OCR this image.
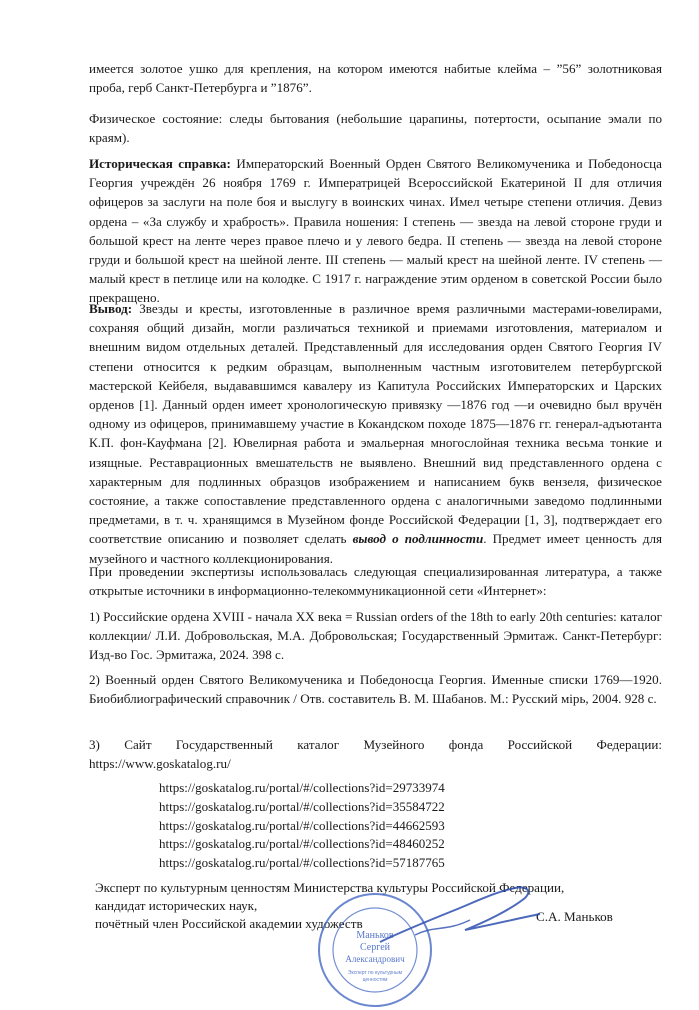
имеется золотое ушко для крепления, на котором имеются набитые клейма – ”56” золотниковая проба, герб Санкт-Петербурга и ”1876”.

Физическое состояние: следы бытования (небольшие царапины, потертости, осыпание эмали по краям).

Историческая справка: Императорский Военный Орден Святого Великомученика и Победоносца Георгия учреждён 26 ноября 1769 г. Императрицей Всероссийской Екатериной II для отличия офицеров за заслуги на поле боя и выслугу в воинских чинах. Имел четыре степени отличия. Девиз ордена – «За службу и храбрость». Правила ношения: I степень — звезда на левой стороне груди и большой крест на ленте через правое плечо и у левого бедра. II степень — звезда на левой стороне груди и большой крест на шейной ленте. III степень — малый крест на шейной ленте. IV степень — малый крест в петлице или на колодке. С 1917 г. награждение этим орденом в советской России было прекращено.

Вывод: Звезды и кресты, изготовленные в различное время различными мастерами-ювелирами, сохраняя общий дизайн, могли различаться техникой и приемами изготовления, материалом и внешним видом отдельных деталей. Представленный для исследования орден Святого Георгия IV степени относится к редким образцам, выполненным частным изготовителем петербургской мастерской Кейбеля, выдававшимся кавалеру из Капитула Российских Императорских и Царских орденов [1]. Данный орден имеет хронологическую привязку —1876 год —и очевидно был вручён одному из офицеров, принимавшему участие в Кокандском походе 1875—1876 гг. генерал-адъютанта К.П. фон-Кауфмана [2]. Ювелирная работа и эмальерная многослойная техника весьма тонкие и изящные. Реставрационных вмешательств не выявлено. Внешний вид представленного ордена с характерным для подлинных образцов изображением и написанием букв вензеля, физическое состояние, а также сопоставление представленного ордена с аналогичными заведомо подлинными предметами, в т. ч. хранящимся в Музейном фонде Российской Федерации [1, 3], подтверждает его соответствие описанию и позволяет сделать вывод о подлинности. Предмет имеет ценность для музейного и частного коллекционирования.

При проведении экспертизы использовалась следующая специализированная литература, а также открытые источники в информационно-телекоммуникационной сети «Интернет»:

1) Российские ордена XVIII - начала XX века = Russian orders of the 18th to early 20th centuries: каталог коллекции/ Л.И. Добровольская, М.А. Добровольская; Государственный Эрмитаж. Санкт-Петербург: Изд-во Гос. Эрмитажа, 2024. 398 с.

2) Военный орден Святого Великомученика и Победоносца Георгия. Именные списки 1769—1920. Биобиблиографический справочник / Отв. составитель В. М. Шабанов. М.: Русский мiрь, 2004. 928 с.

3) Сайт Государственный каталог Музейного фонда Российской Федерации:
https://www.goskatalog.ru/
https://goskatalog.ru/portal/#/collections?id=29733974
https://goskatalog.ru/portal/#/collections?id=35584722
https://goskatalog.ru/portal/#/collections?id=44662593
https://goskatalog.ru/portal/#/collections?id=48460252
https://goskatalog.ru/portal/#/collections?id=57187765
Эксперт по культурным ценностям Министерства культуры Российской Федерации,
кандидат исторических наук,
почётный член Российской академии художеств	С.А. Маньков
Маньков
Сергей
Александрович
Эксперт по культурным
ценностям
